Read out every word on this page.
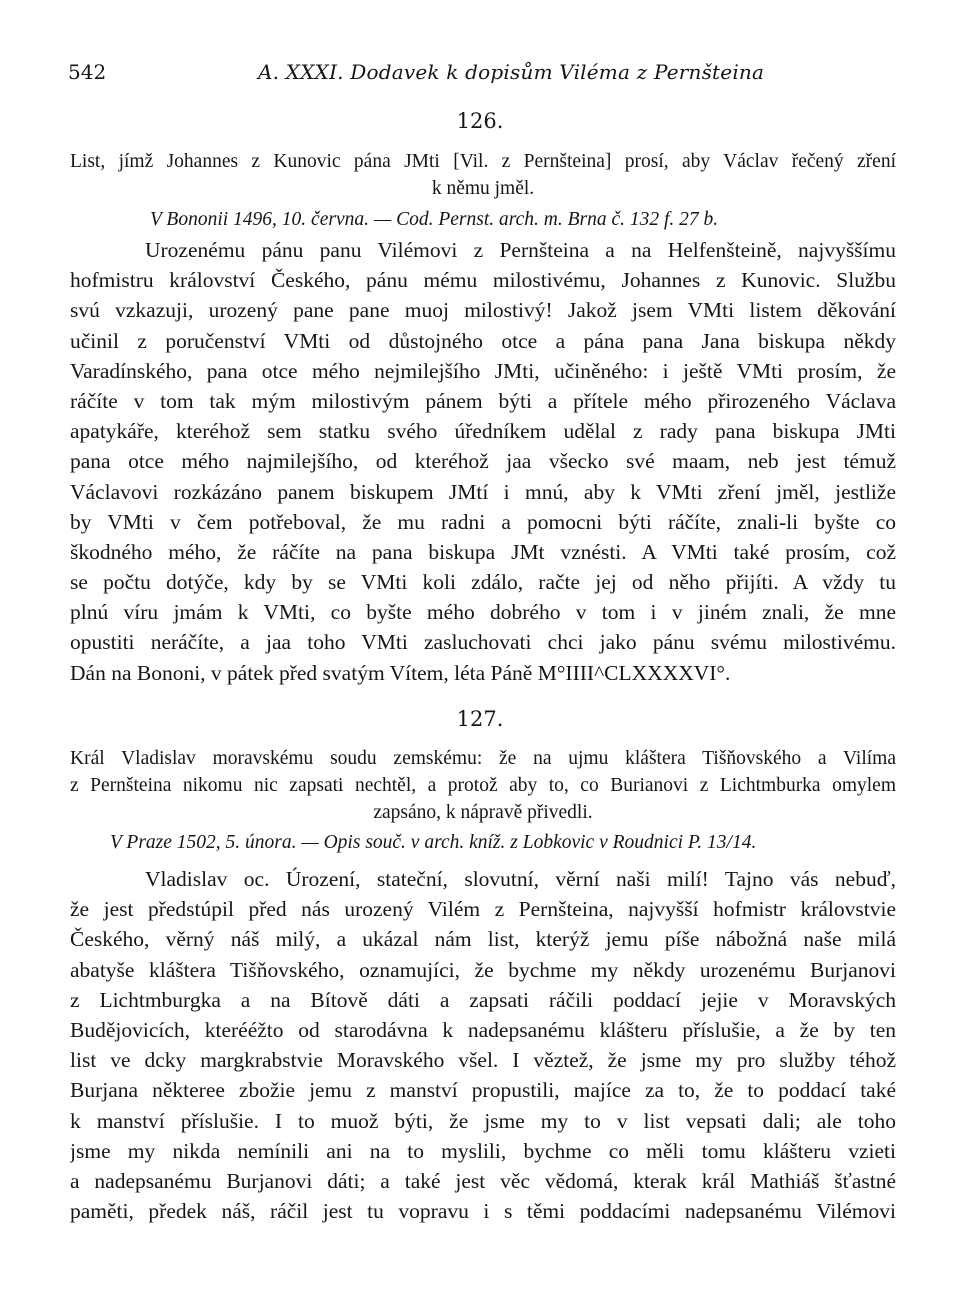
542	A. XXXI. Dodavek k dopisům Viléma z Pernšteina
126.
List, jímž Johannes z Kunovic pána JMti [Vil. z Pernšteina] prosí, aby Václav řečený zření
k němu jměl.
V Bononii 1496, 10. června. — Cod. Pernst. arch. m. Brna č. 132 f. 27 b.
Urozenému pánu panu Vilémovi z Pernšteina a na Helfenšteině, najvyššímu
hofmistru království Českého, pánu mému milostivému, Johannes z Kunovic. Službu
svú vzkazuji, urozený pane pane muoj milostivý! Jakož jsem VMti listem děkování
učinil z poručenství VMti od důstojného otce a pána pana Jana biskupa někdy
Varadínského, pana otce mého nejmilejšího JMti, učiněného: i ještě VMti prosím, že
ráčíte v tom tak mým milostivým pánem býti a přítele mého přirozeného Václava
apatykáře, kteréhož sem statku svého úředníkem udělal z rady pana biskupa JMti
pana otce mého najmilejšího, od kteréhož jaa všecko své maam, neb jest témuž
Václavovi rozkázáno panem biskupem JMtí i mnú, aby k VMti zření jměl, jestliže
by VMti v čem potřeboval, že mu radni a pomocni býti ráčíte, znali-li byšte co
škodného mého, že ráčíte na pana biskupa JMt vznésti. A VMti také prosím, což
se počtu dotýče, kdy by se VMti koli zdálo, račte jej od něho přijíti. A vždy tu
plnú víru jmám k VMti, co byšte mého dobrého v tom i v jiném znali, že mne
opustiti neráčíte, a jaa toho VMti zasluchovati chci jako pánu svému milostivému.
Dán na Bononi, v pátek před svatým Vítem, léta Páně M°IIII^CLXXXXVI°.
127.
Král Vladislav moravskému soudu zemskému: že na ujmu kláštera Tišňovského a Vilíma
z Pernšteina nikomu nic zapsati nechtěl, a protož aby to, co Burianovi z Lichtmburka omylem
zapsáno, k nápravě přivedli.
V Praze 1502, 5. února. — Opis souč. v arch. kníž. z Lobkovic v Roudnici P. 13/14.
Vladislav oc. Úrození, stateční, slovutní, věrní naši milí! Tajno vás nebuď,
že jest předstúpil před nás urozený Vilém z Pernšteina, najvyšší hofmistr královstvie
Českého, věrný náš milý, a ukázal nám list, kterýž jemu píše nábožná naše milá
abatyše kláštera Tišňovského, oznamujíci, že bychme my někdy urozenému Burjanovi
z Lichtmburgka a na Bítově dáti a zapsati ráčili poddací jejie v Moravských
Budějovicích, kterééžto od starodávna k nadepsanému klášteru příslušie, a že by ten
list ve dcky margkrabstvie Moravského všel. I věztež, že jsme my pro služby téhož
Burjana některee zbožie jemu z manství propustili, majíce za to, že to poddací také
k manství příslušie. I to muož býti, že jsme my to v list vepsati dali; ale toho
jsme my nikda nemínili ani na to myslili, bychme co měli tomu klášteru vzieti
a nadepsanému Burjanovi dáti; a také jest věc vědomá, kterak král Mathiáš šťastné
paměti, předek náš, ráčil jest tu vopravu i s těmi poddacími nadepsanému Vilémovi
